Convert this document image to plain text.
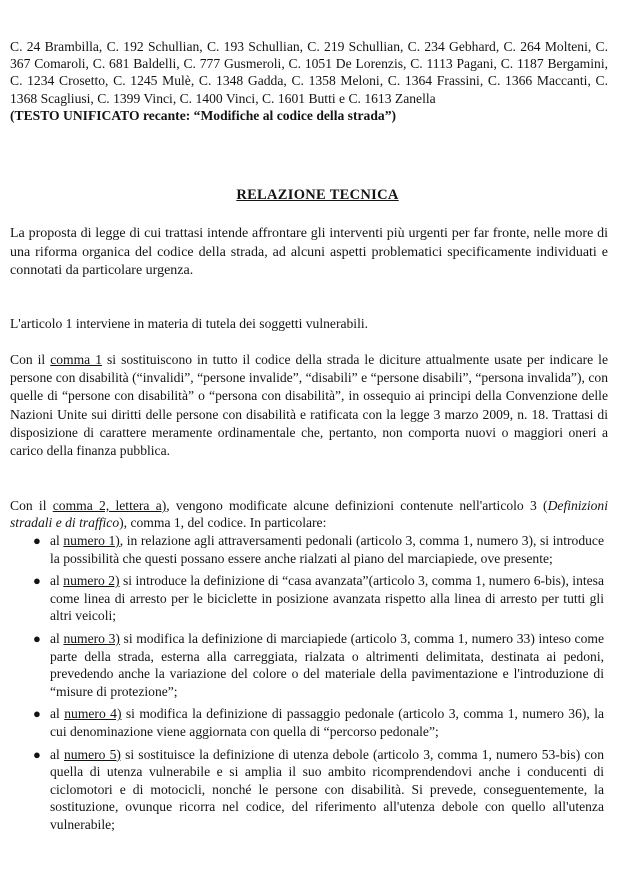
C. 24 Brambilla, C. 192 Schullian, C. 193 Schullian, C. 219 Schullian, C. 234 Gebhard, C. 264 Molteni, C. 367 Comaroli, C. 681 Baldelli, C. 777 Gusmeroli, C. 1051 De Lorenzis, C. 1113 Pagani, C. 1187 Bergamini, C. 1234 Crosetto, C. 1245 Mulè, C. 1348 Gadda, C. 1358 Meloni, C. 1364 Frassini, C. 1366 Maccanti, C. 1368 Scagliusi, C. 1399 Vinci, C. 1400 Vinci, C. 1601 Butti e C. 1613 Zanella
(TESTO UNIFICATO recante: “Modifiche al codice della strada”)
RELAZIONE TECNICA
La proposta di legge di cui trattasi intende affrontare gli interventi più urgenti per far fronte, nelle more di una riforma organica del codice della strada, ad alcuni aspetti problematici specificamente individuati e connotati da particolare urgenza.
L'articolo 1 interviene in materia di tutela dei soggetti vulnerabili.
Con il comma 1 si sostituiscono in tutto il codice della strada le diciture attualmente usate per indicare le persone con disabilità (“invalidi”, “persone invalide”, “disabili” e “persone disabili”, “persona invalida”), con quelle di “persone con disabilità” o “persona con disabilità”, in ossequio ai principi della Convenzione delle Nazioni Unite sui diritti delle persone con disabilità e ratificata con la legge 3 marzo 2009, n. 18. Trattasi di disposizione di carattere meramente ordinamentale che, pertanto, non comporta nuovi o maggiori oneri a carico della finanza pubblica.
Con il comma 2, lettera a), vengono modificate alcune definizioni contenute nell'articolo 3 (Definizioni stradali e di traffico), comma 1, del codice. In particolare:
● al numero 1), in relazione agli attraversamenti pedonali (articolo 3, comma 1, numero 3), si introduce la possibilità che questi possano essere anche rialzati al piano del marciapiede, ove presente;
● al numero 2) si introduce la definizione di “casa avanzata”(articolo 3, comma 1, numero 6-bis), intesa come linea di arresto per le biciclette in posizione avanzata rispetto alla linea di arresto per tutti gli altri veicoli;
● al numero 3) si modifica la definizione di marciapiede (articolo 3, comma 1, numero 33) inteso come parte della strada, esterna alla carreggiata, rialzata o altrimenti delimitata, destinata ai pedoni, prevedendo anche la variazione del colore o del materiale della pavimentazione e l'introduzione di “misure di protezione”;
● al numero 4) si modifica la definizione di passaggio pedonale (articolo 3, comma 1, numero 36), la cui denominazione viene aggiornata con quella di “percorso pedonale”;
● al numero 5) si sostituisce la definizione di utenza debole (articolo 3, comma 1, numero 53-bis) con quella di utenza vulnerabile e si amplia il suo ambito ricomprendendovi anche i conducenti di ciclomotori e di motocicli, nonché le persone con disabilità. Si prevede, conseguentemente, la sostituzione, ovunque ricorra nel codice, del riferimento all'utenza debole con quello all'utenza vulnerabile;
